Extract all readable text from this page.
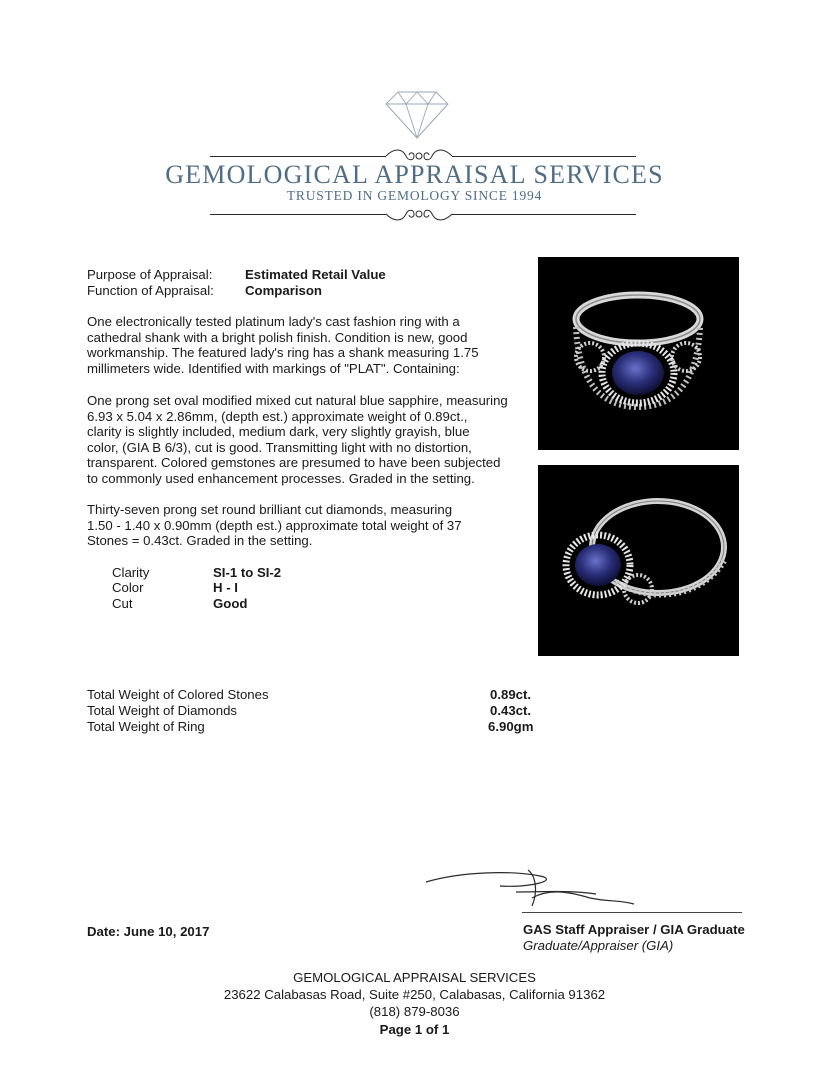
GEMOLOGICAL APPRAISAL SERVICES
TRUSTED IN GEMOLOGY SINCE 1994
Purpose of Appraisal: Estimated Retail Value
Function of Appraisal: Comparison
One electronically tested platinum lady's cast fashion ring with a
cathedral shank with a bright polish finish. Condition is new, good
workmanship. The featured lady's ring has a shank measuring 1.75
millimeters wide. Identified with markings of "PLAT". Containing:
One prong set oval modified mixed cut natural blue sapphire, measuring
6.93 x 5.04 x 2.86mm, (depth est.) approximate weight of 0.89ct.,
clarity is slightly included, medium dark, very slightly grayish, blue
color, (GIA B 6/3), cut is good. Transmitting light with no distortion,
transparent. Colored gemstones are presumed to have been subjected
to commonly used enhancement processes. Graded in the setting.
Thirty-seven prong set round brilliant cut diamonds, measuring
1.50 - 1.40 x 0.90mm (depth est.) approximate total weight of 37
Stones = 0.43ct. Graded in the setting.
Clarity	SI-1 to SI-2
Color	H - I
Cut	Good
Total Weight of Colored Stones	0.89ct.
Total Weight of Diamonds	0.43ct.
Total Weight of Ring	6.90gm
Date: June 10, 2017	GAS Staff Appraiser / GIA Graduate
Graduate/Appraiser (GIA)
GEMOLOGICAL APPRAISAL SERVICES
23622 Calabasas Road, Suite #250, Calabasas, California 91362
(818) 879-8036
Page 1 of 1
